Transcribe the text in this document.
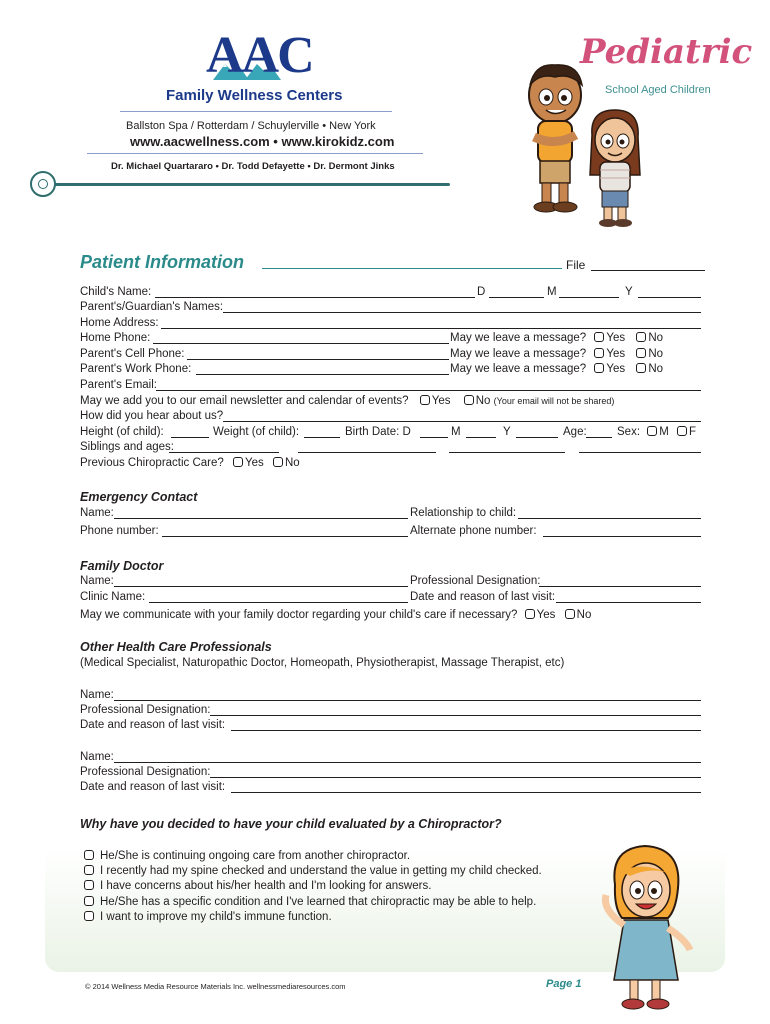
AAC
Family Wellness Centers
Ballston Spa / Rotterdam / Schuylerville • New York
www.aacwellness.com • www.kirokidz.com
Dr. Michael Quartararo • Dr. Todd Defayette • Dr. Dermont Jinks
Pediatric
School Aged Children
Patient Information	File
Child's Name:	D	M	Y
Parent's/Guardian's Names:
Home Address:
Home Phone:	May we leave a message? Yes No
Parent's Cell Phone:	May we leave a message? Yes No
Parent's Work Phone:	May we leave a message? Yes No
Parent's Email:
May we add you to our email newsletter and calendar of events? Yes No (Your email will not be shared)
How did you hear about us?
Height (of child):	Weight (of child):	Birth Date: D	M	Y	Age:	Sex: M F
Siblings and ages:
Previous Chiropractic Care? Yes No
Emergency Contact
Name:	Relationship to child:
Phone number:	Alternate phone number:
Family Doctor
Name:	Professional Designation:
Clinic Name:	Date and reason of last visit:
May we communicate with your family doctor regarding your child's care if necessary? Yes No
Other Health Care Professionals
(Medical Specialist, Naturopathic Doctor, Homeopath, Physiotherapist, Massage Therapist, etc)
Name:
Professional Designation:
Date and reason of last visit:
Name:
Professional Designation:
Date and reason of last visit:
Why have you decided to have your child evaluated by a Chiropractor?
He/She is continuing ongoing care from another chiropractor.
I recently had my spine checked and understand the value in getting my child checked.
I have concerns about his/her health and I'm looking for answers.
He/She has a specific condition and I've learned that chiropractic may be able to help.
I want to improve my child's immune function.
© 2014 Wellness Media Resource Materials Inc. wellnessmediaresources.com	Page 1
